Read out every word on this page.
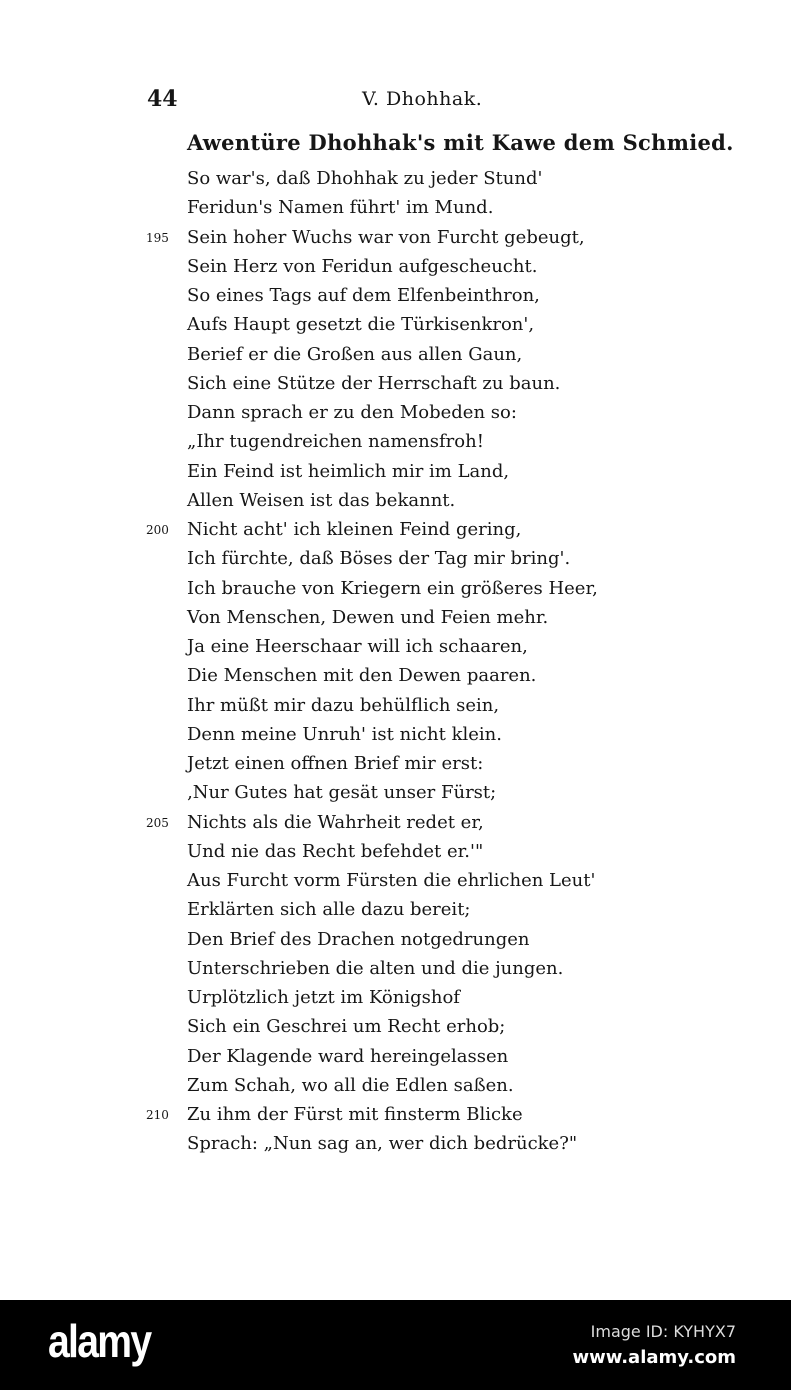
44	V. Dhohhak.
Awentüre Dhohhak's mit Kawe dem Schmied.
So war's, daß Dhohhak zu jeder Stund'
Feridun's Namen führt' im Mund.
195 Sein hoher Wuchs war von Furcht gebeugt,
Sein Herz von Feridun aufgescheucht.
So eines Tags auf dem Elfenbeinthron,
Aufs Haupt gesetzt die Türkisenkron',
Berief er die Großen aus allen Gaun,
Sich eine Stütze der Herrschaft zu baun.
Dann sprach er zu den Mobeden so:
„Ihr tugendreichen namensfroh!
Ein Feind ist heimlich mir im Land,
Allen Weisen ist das bekannt.
200 Nicht acht' ich kleinen Feind gering,
Ich fürchte, daß Böses der Tag mir bring'.
Ich brauche von Kriegern ein größeres Heer,
Von Menschen, Dewen und Feien mehr.
Ja eine Heerschaar will ich schaaren,
Die Menschen mit den Dewen paaren.
Ihr müßt mir dazu behülflich sein,
Denn meine Unruh' ist nicht klein.
Jetzt einen offnen Brief mir erst:
‚Nur Gutes hat gesät unser Fürst;
205 Nichts als die Wahrheit redet er,
Und nie das Recht befehdet er.'"
Aus Furcht vorm Fürsten die ehrlichen Leut'
Erklärten sich alle dazu bereit;
Den Brief des Drachen notgedrungen
Unterschrieben die alten und die jungen.
Urplötzlich jetzt im Königshof
Sich ein Geschrei um Recht erhob;
Der Klagende ward hereingelassen
Zum Schah, wo all die Edlen saßen.
210 Zu ihm der Fürst mit finsterm Blicke
Sprach: „Nun sag an, wer dich bedrücke?"
alamy	Image ID: KYHYX7
www.alamy.com
